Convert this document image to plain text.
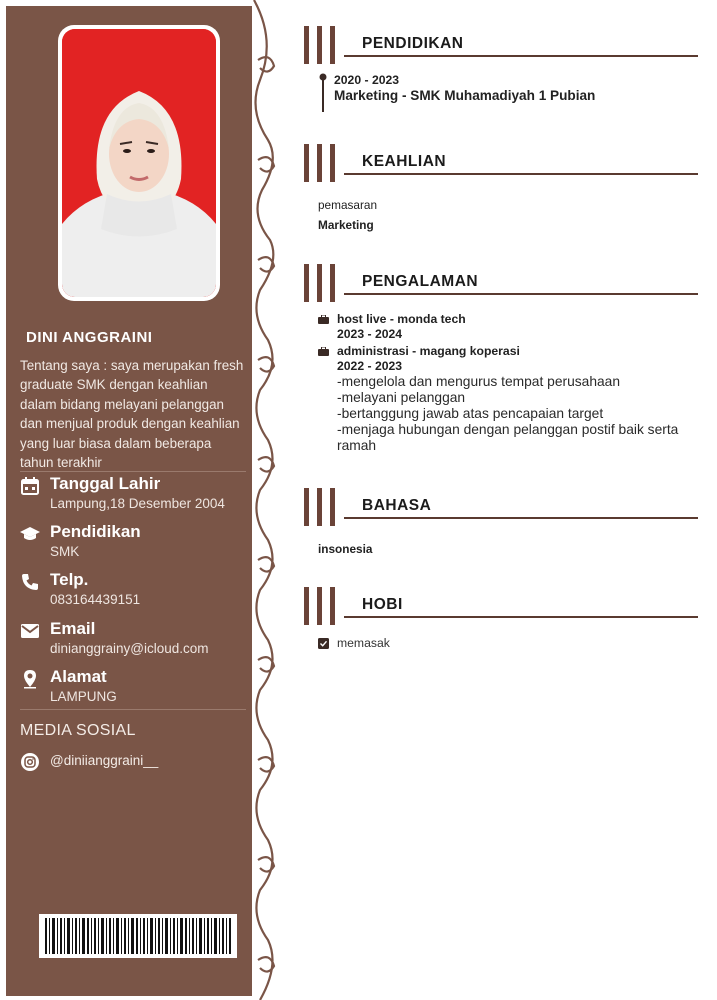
DINI ANGGRAINI
Tentang saya : saya merupakan fresh graduate SMK dengan keahlian dalam bidang melayani pelanggan dan menjual produk dengan keahlian yang luar biasa dalam beberapa tahun terakhir
Tanggal Lahir
Lampung,18 Desember 2004
Pendidikan
SMK
Telp.
083164439151
Email
dinianggrainy@icloud.com
Alamat
LAMPUNG
MEDIA SOSIAL
@diniianggraini__
PENDIDIKAN
2020 - 2023
Marketing - SMK Muhamadiyah 1 Pubian
KEAHLIAN
pemasaran
Marketing
PENGALAMAN
host live - monda tech
2023 - 2024
administrasi - magang koperasi
2022 - 2023
-mengelola dan mengurus tempat perusahaan
-melayani pelanggan
-bertanggung jawab atas pencapaian target
-menjaga hubungan dengan pelanggan postif baik serta ramah
BAHASA
insonesia
HOBI
memasak
